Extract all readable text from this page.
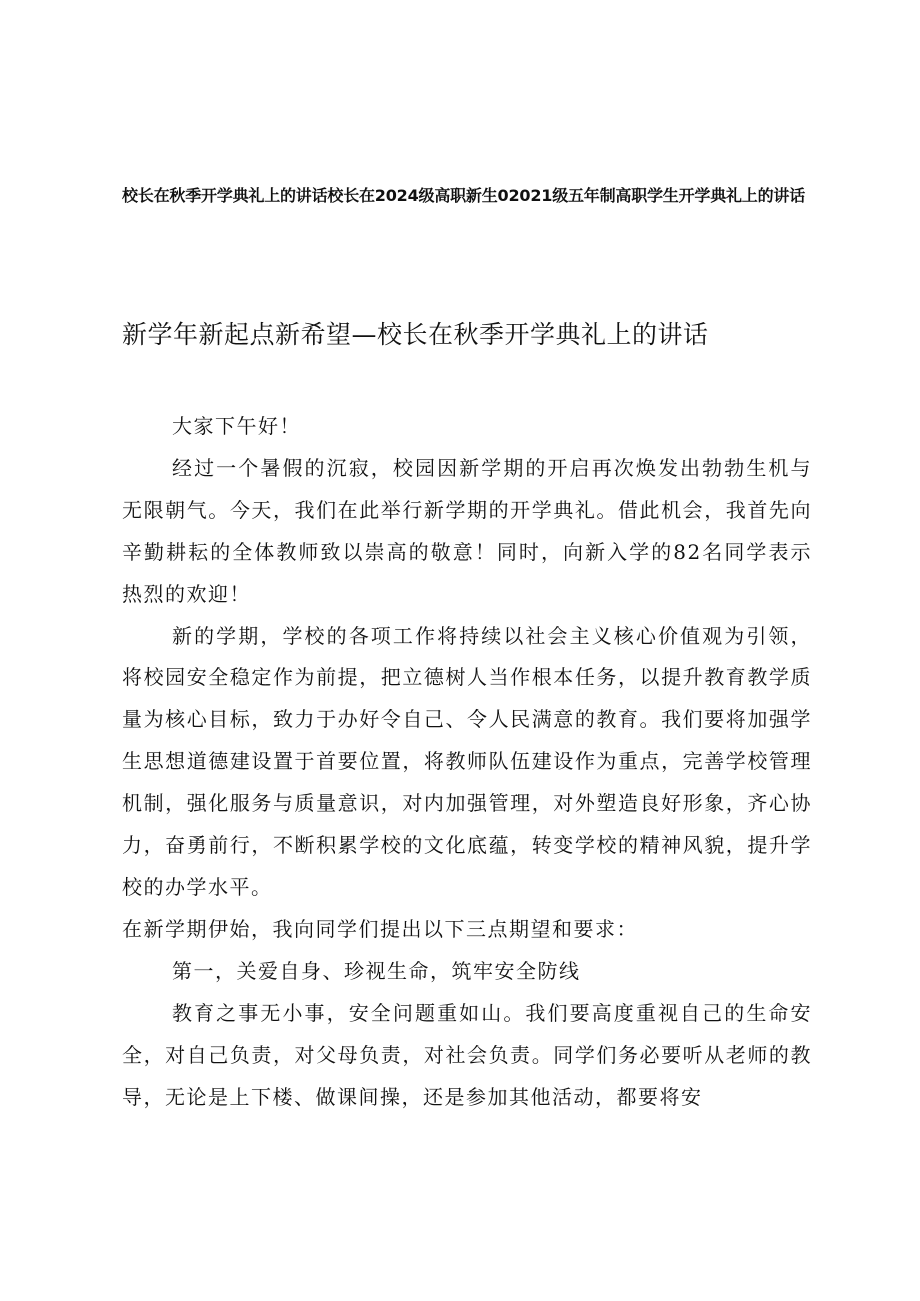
校长在秋季开学典礼上的讲话校长在2024级高职新生02021级五年制高职学生开学典礼上的讲话
新学年新起点新希望—校长在秋季开学典礼上的讲话

大家下午好！

经过一个暑假的沉寂，校园因新学期的开启再次焕发出勃勃生机与无限朝气。今天，我们在此举行新学期的开学典礼。借此机会，我首先向辛勤耕耘的全体教师致以崇高的敬意！同时，向新入学的82名同学表示热烈的欢迎！

新的学期，学校的各项工作将持续以社会主义核心价值观为引领，将校园安全稳定作为前提，把立德树人当作根本任务，以提升教育教学质量为核心目标，致力于办好令自己、令人民满意的教育。我们要将加强学生思想道德建设置于首要位置，将教师队伍建设作为重点，完善学校管理机制，强化服务与质量意识，对内加强管理，对外塑造良好形象，齐心协力，奋勇前行，不断积累学校的文化底蕴，转变学校的精神风貌，提升学校的办学水平。

在新学期伊始，我向同学们提出以下三点期望和要求：

第一，关爱自身、珍视生命，筑牢安全防线

教育之事无小事，安全问题重如山。我们要高度重视自己的生命安全，对自己负责，对父母负责，对社会负责。同学们务必要听从老师的教导，无论是上下楼、做课间操，还是参加其他活动，都要将安
